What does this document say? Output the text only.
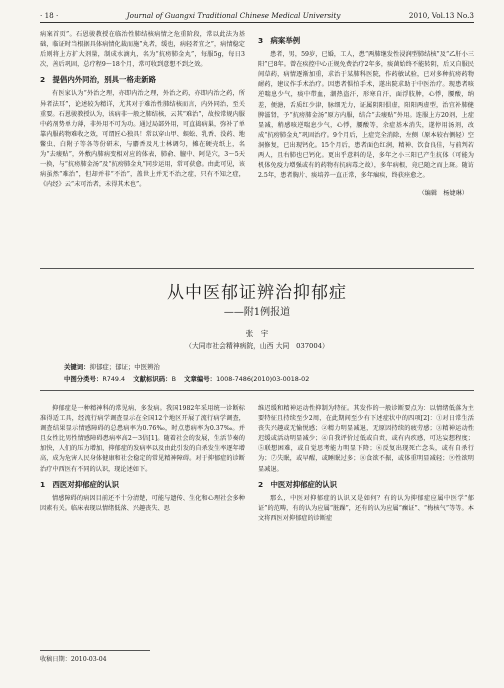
· 18 ·	Journal of Guangxi Traditional Chinese Medical University	2010, Vol.13 No.3

病案首页”。石恩骏教授在临治性肺结核病情之危重阶段，常以此法为基础，临证时当根据具体病情化裁而施”丸者，缓也，病轻者宜之”，病情稳定后则将上方扩大剂量，制成水滴丸，名为“抗痨肺金丸”，每服5g，每日3次，善后巩固，总疗程9～18个月，常可收到意想不到之效。

2　提倡内外同治，别具一格走新路

有医家认为“外治之理，亦即内治之理，外治之药，亦即内治之药，所异者法耳”，论述较为精详，尤其对于难治性肺结核而言，内外同治，至关重要。石恩骏教授认为，该病非一般之肺结核，云其“难治”，故按常规内服中药剂势单力薄，非外用不可为功。通过局部外用，可直捣病巢，弥补了单靠内服药物难收之效，可谓匠心独具！常以穿山甲、蜈蚣、乳香、没药、地鳖虫、白附子等各等份研末，与麝香及凡士林调匀，摊在硬壳纸上，名为“去瘘贴”，外敷内肺病变相对应的体表，肺俞、膻中、阿是穴，3～5天一换，与“抗痨肺金汤”及“抗痨肺金丸”同步运用，常可获愈。由此可见，该病虽然“难治”，但却并非“不治”，盖世上并无不治之症，只有不知之症，《内经》云“未可治者，未得其术也”。

3　病案举例

患者，男，59岁，已婚，工人，患“两肺继发性浸润型肺结核”及“乙肝小三阳”已8年。曾在疾控中心正规免费治疗2年多，痰菌始终不能转阴，后又自服民间草药，病情逐渐加重，求治于某肺科医院，作药敏试验，已对多种抗痨药物耐药，建议作手术治疗。因患者惧怕手术，遂出院求助于中医治疗。现患者咳逆喘息少气，痰中带血，潮热盗汗，形寒自汗，面浮肢肿，心悸，腰酸，纳差，便溏，舌质红少津，脉细无力，证属阴阳俱虚，阳阳两虚型，治宜补肺健脾滋肾，予“抗痨肺金汤”原方内服，结合“去瘘贴”外用。连服上方20剂，上症显减，稍感咳逆喘息少气，心悸，腰酸等，余症基本消失，遂停用汤剂，改成“抗痨肺金丸”巩固治疗。9个月后，上症完全消除，左侧（原本较右侧轻）空洞修复，已出现钙化。15个月后，患者面色红润，精神、饮食良佳，与前判若两人，且右肺也已钙化。更出乎意料的是，多年之小三阳已产生抗体（可能为机体免疫力增强或有的药物有抗病毒之故），多年病根，竟已随之而上斑。随访2.5年，患者胸片、痰培养一直正常，多年痼疾，终获痊愈之。

（编辑　杨婕琳）
从中医郁证辨治抑郁症
——附1例报道
张　宇
（大同市社会精神病院，山西 大同　037004）
关键词：抑郁症；郁证；中医辨治
中图分类号：R749.4 文献标识码：B 文章编号：1008-7486(2010)03-0018-02

抑郁症是一种精神科的常见病、多发病。我国1982年采用统一诊断标准得适工具，经流行病学调查显示在全国12个地区开展了流行病学调查，调查结果显示情感障碍的总患病率为0.76‰，时点患病率为0.37‰。并且女性比男性情感障碍患病率高2～3倍[1]。随着社会的发展，生活节奏的加快，人们的压力增加，抑郁症的发病率以及由此引发的自杀发生率逐年增高，成为危害人民身体健康和社会稳定的常见精神障碍。对于抑郁症的诊断治疗中西医有不同的认识，现论述如下。

1　西医对抑郁症的认识

情感障碍的病因目前还不十分清楚，可能与遗传、生化和心理社会多种因素有关。临床表现以情绪低落、兴趣丧失、思

维迟缓和精神运动性抑制为特征。其发作的一般诊断要点为：以情绪低落为主要特征且持续至少2周，在此期间至少有下述症状中的四项[2]：①对日常生活丧失兴趣或无愉悦感；②精力明显减退，无原因持续的疲劳感；③精神运动性迟缓或活动明显减少；④自我评价过低或自责，或有内疚感，可达妄想程度；⑤联想困难，或自觉思考能力明显下降；⑥反复出现死亡念头，或有自杀行为；⑦失眠，或早醒，或睡眠过多；⑧食欲不振，或体重明显减轻；⑨性欲明显减退。

2　中医对抑郁症的认识

那么，中医对抑郁症的认识又是如何？有的认为抑郁症应属中医学“郁证”的范畴，有的认为应属“脏躁”，还有的认为应属“癫证”、“梅核气”等等。本文将西医对抑郁症的诊断症

收稿日期：2010-03-04
